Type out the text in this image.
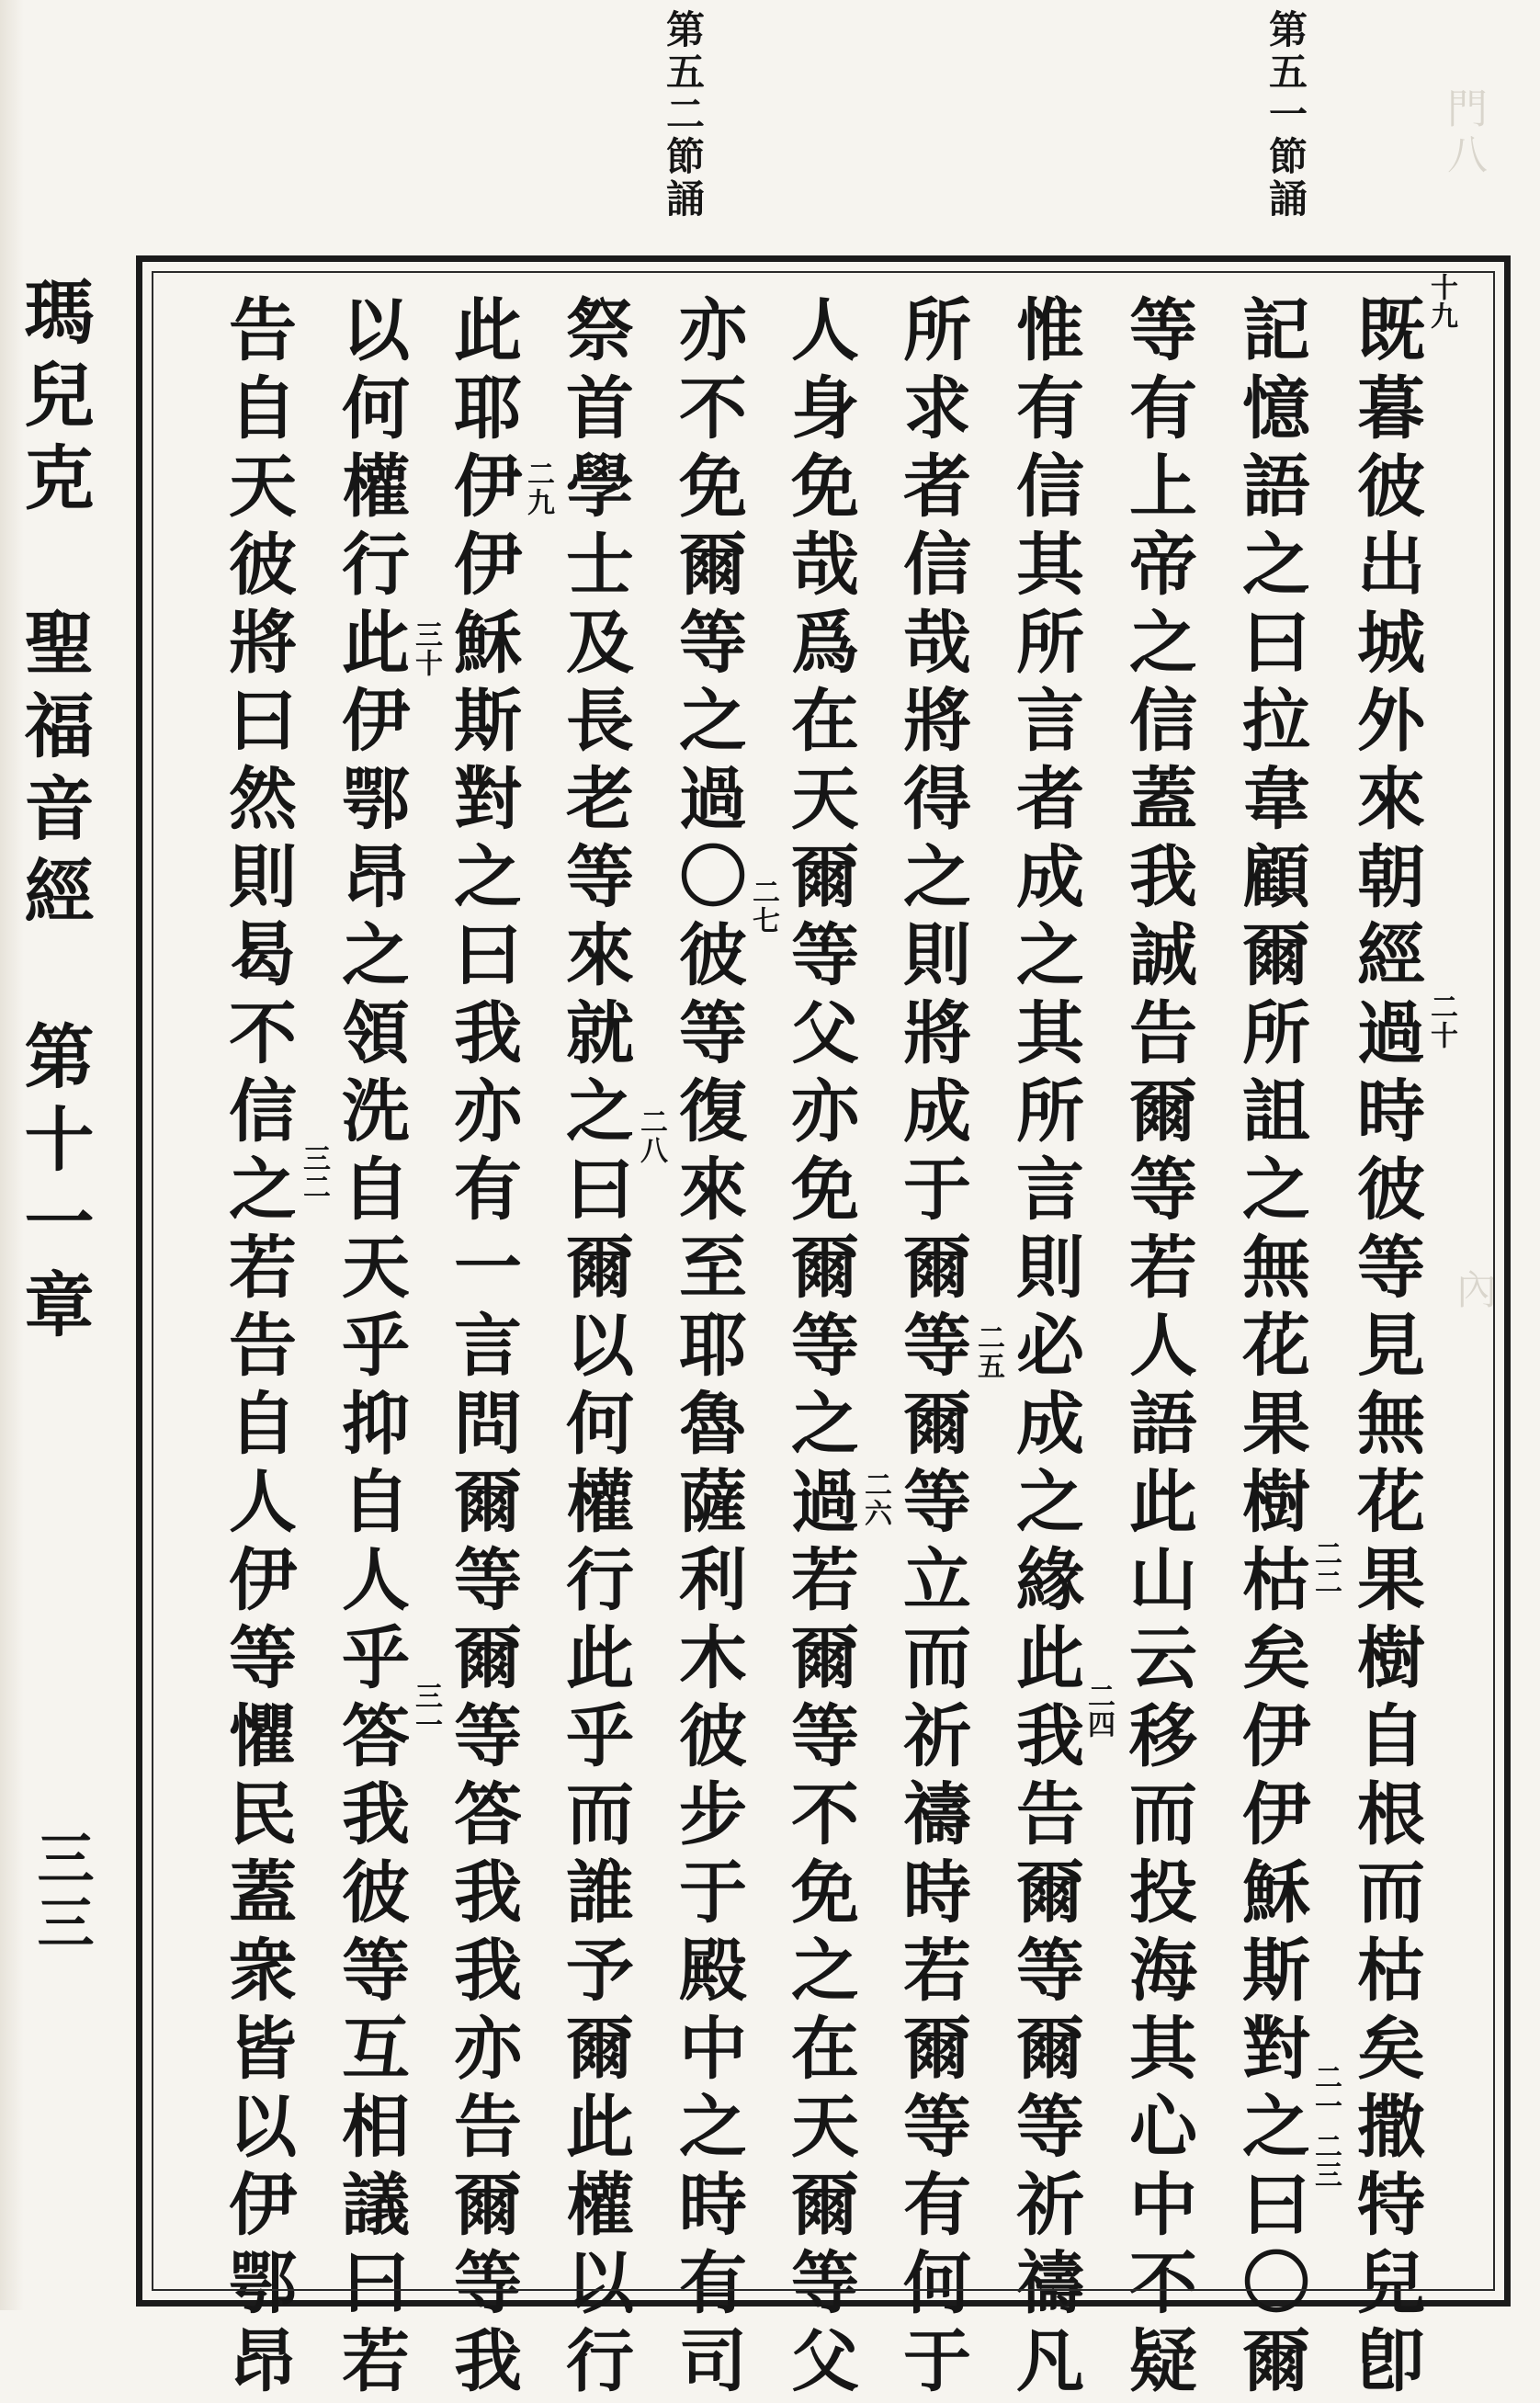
門八
內
第五一節誦
第五二節誦
瑪兒克　聖福音經第十一章
三三	既暮彼出城外來朝經過時彼等見無花果樹自根而枯矣撒特兒卽
記憶語之曰拉韋顧爾所詛之無花果樹枯矣伊伊穌斯對之曰〇爾
等有上帝之信蓋我誠告爾等若人語此山云移而投海其心中不疑
惟有信其所言者成之其所言則必成之緣此我告爾等爾等祈禱凡
所求者信哉將得之則將成于爾等爾等立而祈禱時若爾等有何于
人身免哉爲在天爾等父亦免爾等之過若爾等不免之在天爾等父
亦不免爾等之過〇彼等復來至耶魯薩利木彼步于殿中之時有司
祭首學士及長老等來就之曰爾以何權行此乎而誰予爾此權以行
此耶伊伊穌斯對之曰我亦有一言問爾等爾等答我我亦告爾等我
以何權行此伊鄂昂之領洗自天乎抑自人乎答我彼等互相議曰若
告自天彼將曰然則曷不信之若告自人伊等懼民蓋衆皆以伊鄂昂	十九
二十
二一
二二
二三
二四
二五
二六
二七
二八
二九
三十
三一
三二
